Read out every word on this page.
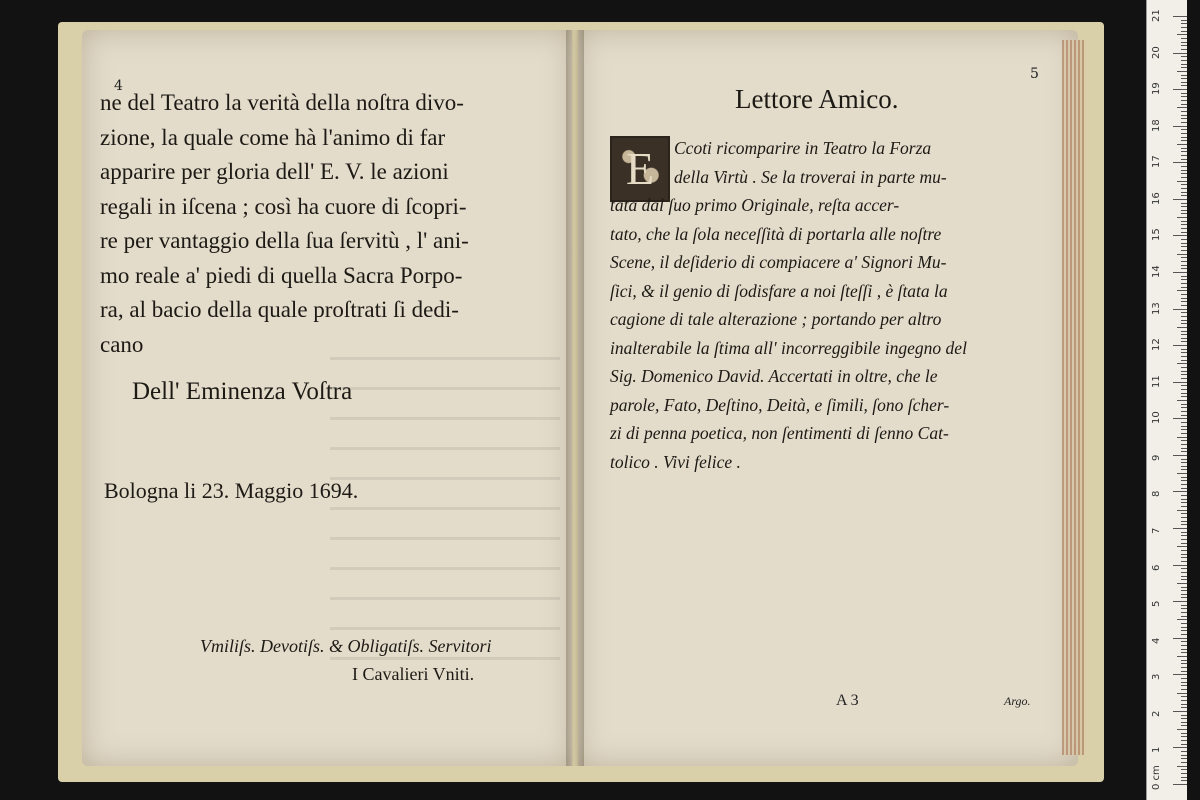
4
ne del Teatro la verità della noſtra divo-
zione, la quale come hà l'animo di far
apparire per gloria dell' E. V. le azioni
regali in iſcena ; così ha cuore di ſcopri-
re per vantaggio della ſua ſervitù , l' ani-
mo reale a' piedi di quella Sacra Porpo-
ra, al bacio della quale proſtrati ſi dedi-
cano
Dell' Eminenza Voſtra
Bologna li 23. Maggio 1694.
Vmiliſs. Devotiſs. & Obligatiſs. Servitori
I Cavalieri Vniti.
5
Lettore Amico.
E	Ccoti ricomparire in Teatro la Forza
della Virtù . Se la troverai in parte mu-
tata dal ſuo primo Originale, reſta accer-
tato, che la ſola neceſſità di portarla alle noſtre
Scene, il deſiderio di compiacere a' Signori Mu-
ſici, & il genio di ſodisfare a noi ſteſſi , è ſtata la
cagione di tale alterazione ; portando per altro
inalterabile la ſtima all' incorreggibile ingegno del
Sig. Domenico David. Accertati in oltre, che le
parole, Fato, Deſtino, Deità, e ſimili, ſono ſcher-
zi di penna poetica, non ſentimenti di ſenno Cat-
tolico . Vivi felice .
A 3	Argo.
0 cm
1
2
3
4
5
6
7
8
9
10
11
12
13
14
15
16
17
18
19
20
21
